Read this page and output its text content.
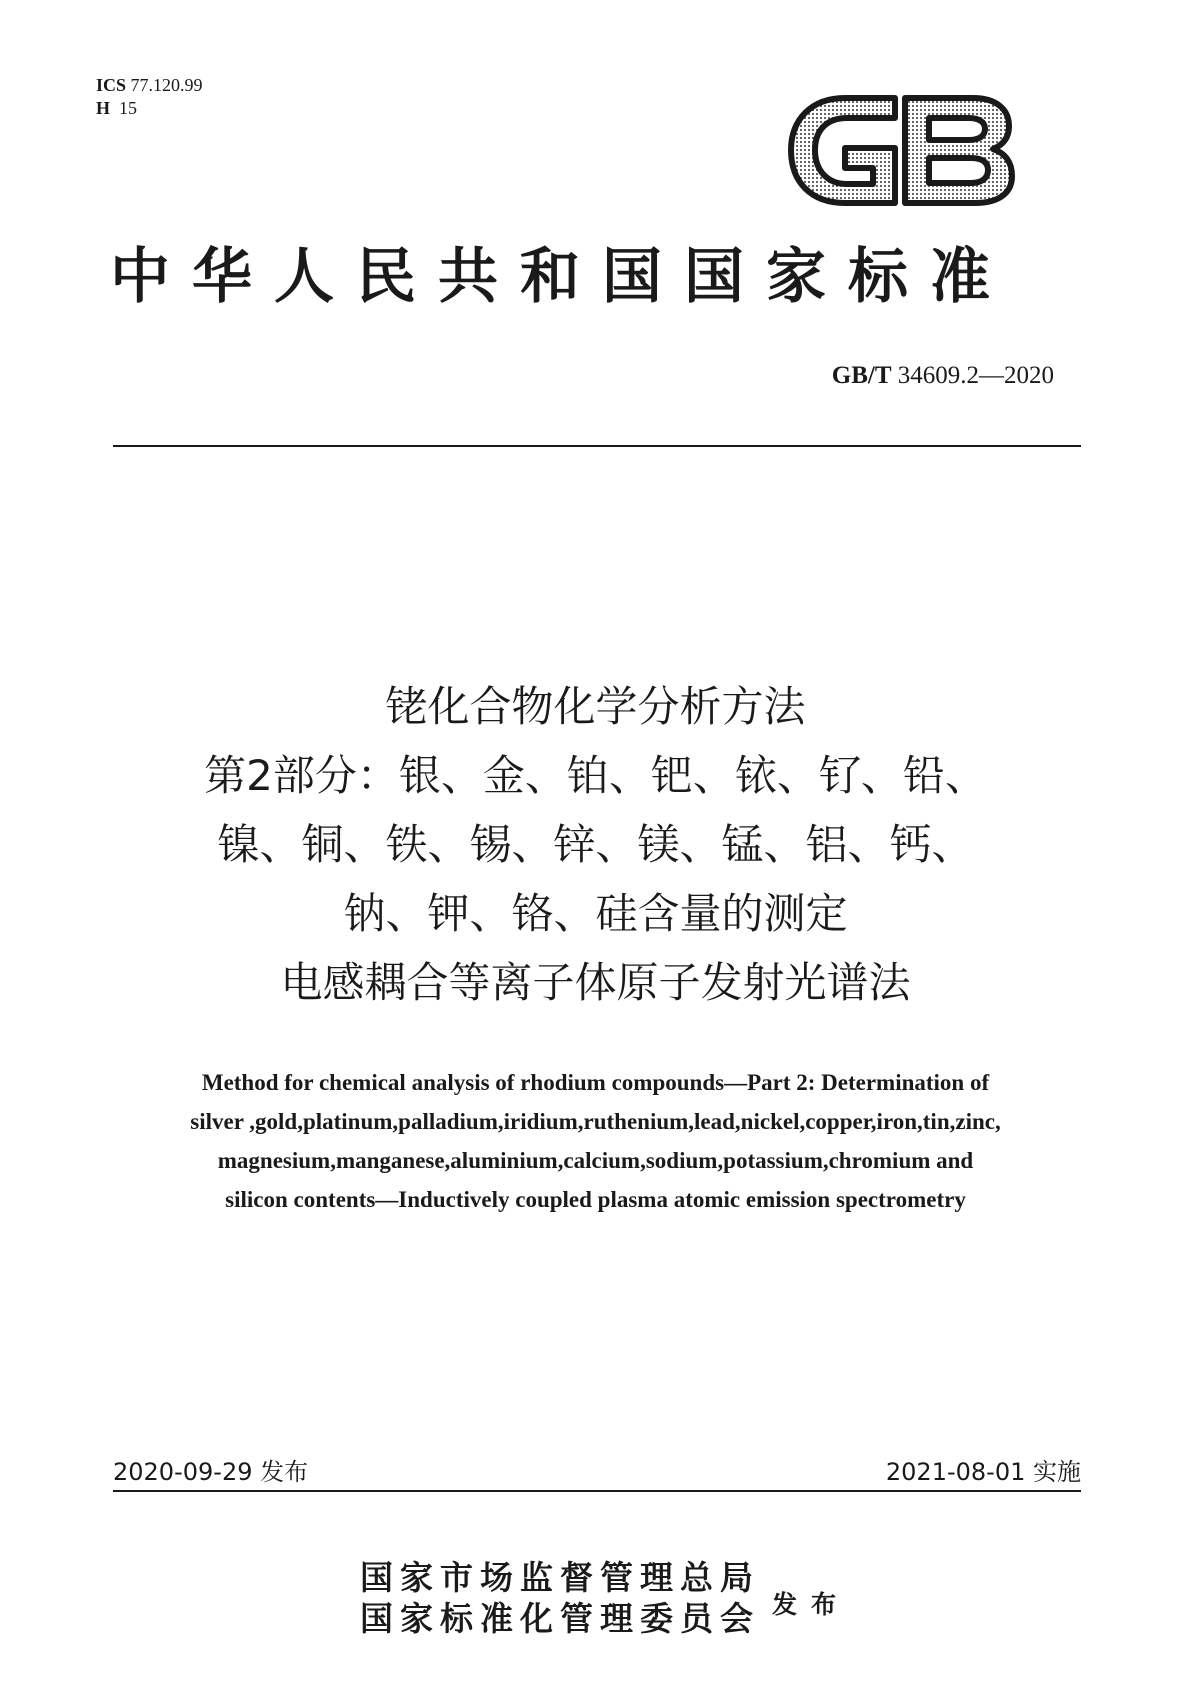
ICS 77.120.99
H 15
中华人民共和国国家标准
GB/T 34609.2—2020
铑化合物化学分析方法
第2部分：银、金、铂、钯、铱、钌、铅、
镍、铜、铁、锡、锌、镁、锰、铝、钙、
钠、钾、铬、硅含量的测定
电感耦合等离子体原子发射光谱法
Method for chemical analysis of rhodium compounds—Part 2: Determination of
silver ,gold,platinum,palladium,iridium,ruthenium,lead,nickel,copper,iron,tin,zinc,
magnesium,manganese,aluminium,calcium,sodium,potassium,chromium and
silicon contents—Inductively coupled plasma atomic emission spectrometry
2020-09-29 发布	2021-08-01 实施
国家市场监督管理总局
国家标准化管理委员会 发布
